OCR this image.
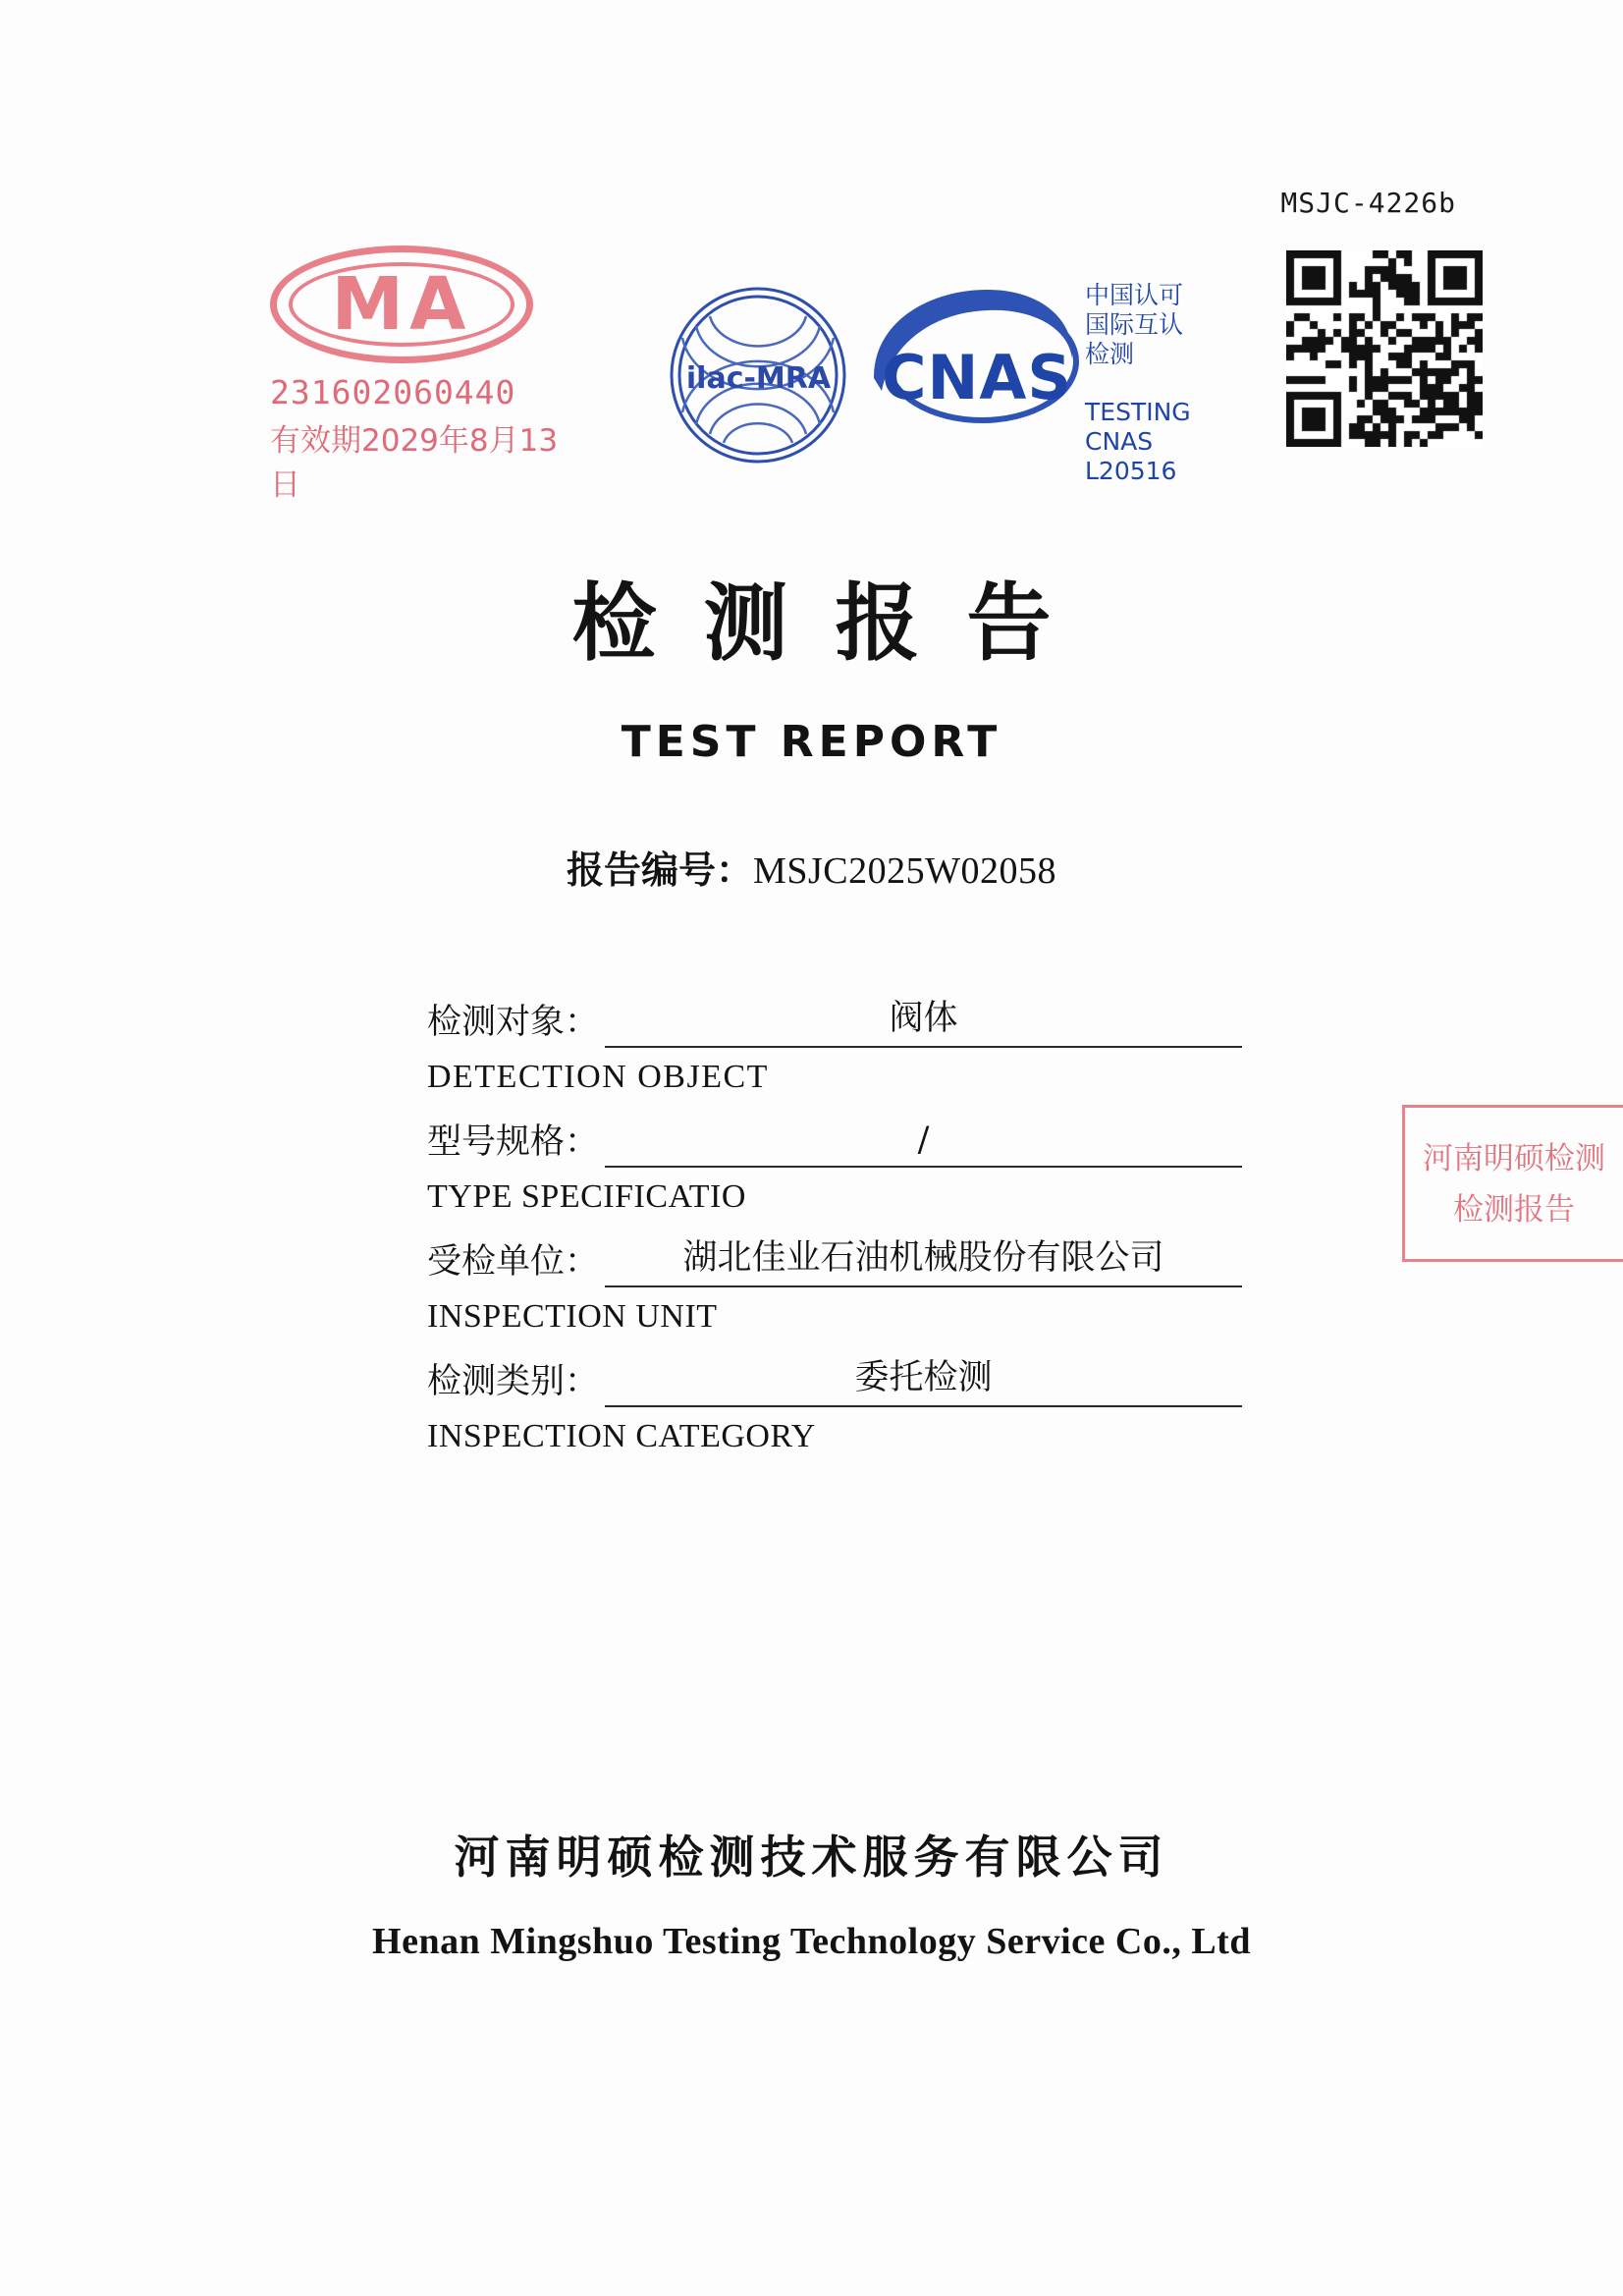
MSJC-4226b
MA
231602060440
有效期2029年8月13日
ilac-MRA CNAS
中国认可
国际互认
检测
TESTING
CNAS L20516
检测报告
TEST REPORT
报告编号：MSJC2025W02058
检测对象：	阀体
DETECTION OBJECT
型号规格：	/
TYPE SPECIFICATIO
受检单位：	湖北佳业石油机械股份有限公司
INSPECTION UNIT
检测类别：	委托检测
INSPECTION CATEGORY
河南明硕检测
检测报告
河南明硕检测技术服务有限公司
Henan Mingshuo Testing Technology Service Co., Ltd
